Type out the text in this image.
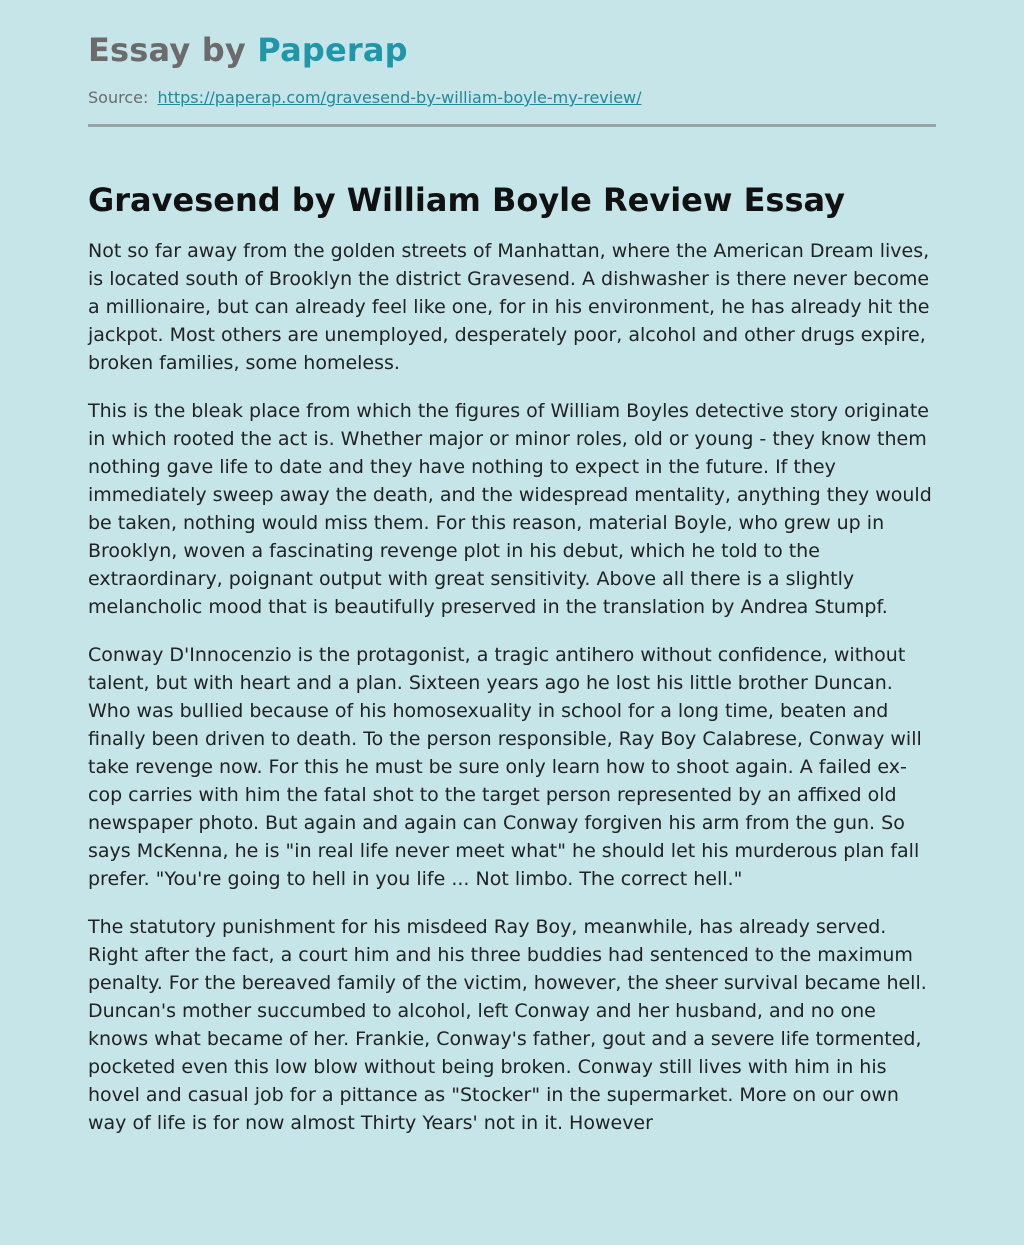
Essay by Paperap
Source: https://paperap.com/gravesend-by-william-boyle-my-review/
Gravesend by William Boyle Review Essay

Not so far away from the golden streets of Manhattan, where the American Dream lives, is located south of Brooklyn the district Gravesend. A dishwasher is there never become a millionaire, but can already feel like one, for in his environment, he has already hit the jackpot. Most others are unemployed, desperately poor, alcohol and other drugs expire, broken families, some homeless.

This is the bleak place from which the figures of William Boyles detective story originate in which rooted the act is. Whether major or minor roles, old or young - they know them nothing gave life to date and they have nothing to expect in the future. If they immediately sweep away the death, and the widespread mentality, anything they would be taken, nothing would miss them. For this reason, material Boyle, who grew up in Brooklyn, woven a fascinating revenge plot in his debut, which he told to the extraordinary, poignant output with great sensitivity. Above all there is a slightly melancholic mood that is beautifully preserved in the translation by Andrea Stumpf.

Conway D'Innocenzio is the protagonist, a tragic antihero without confidence, without talent, but with heart and a plan. Sixteen years ago he lost his little brother Duncan. Who was bullied because of his homosexuality in school for a long time, beaten and finally been driven to death. To the person responsible, Ray Boy Calabrese, Conway will take revenge now. For this he must be sure only learn how to shoot again. A failed ex-cop carries with him the fatal shot to the target person represented by an affixed old newspaper photo. But again and again can Conway forgiven his arm from the gun. So says McKenna, he is "in real life never meet what" he should let his murderous plan fall prefer. "You're going to hell in you life ... Not limbo. The correct hell."

The statutory punishment for his misdeed Ray Boy, meanwhile, has already served. Right after the fact, a court him and his three buddies had sentenced to the maximum penalty. For the bereaved family of the victim, however, the sheer survival became hell. Duncan's mother succumbed to alcohol, left Conway and her husband, and no one knows what became of her. Frankie, Conway's father, gout and a severe life tormented, pocketed even this low blow without being broken. Conway still lives with him in his hovel and casual job for a pittance as "Stocker" in the supermarket. More on our own way of life is for now almost Thirty Years' not in it. However
